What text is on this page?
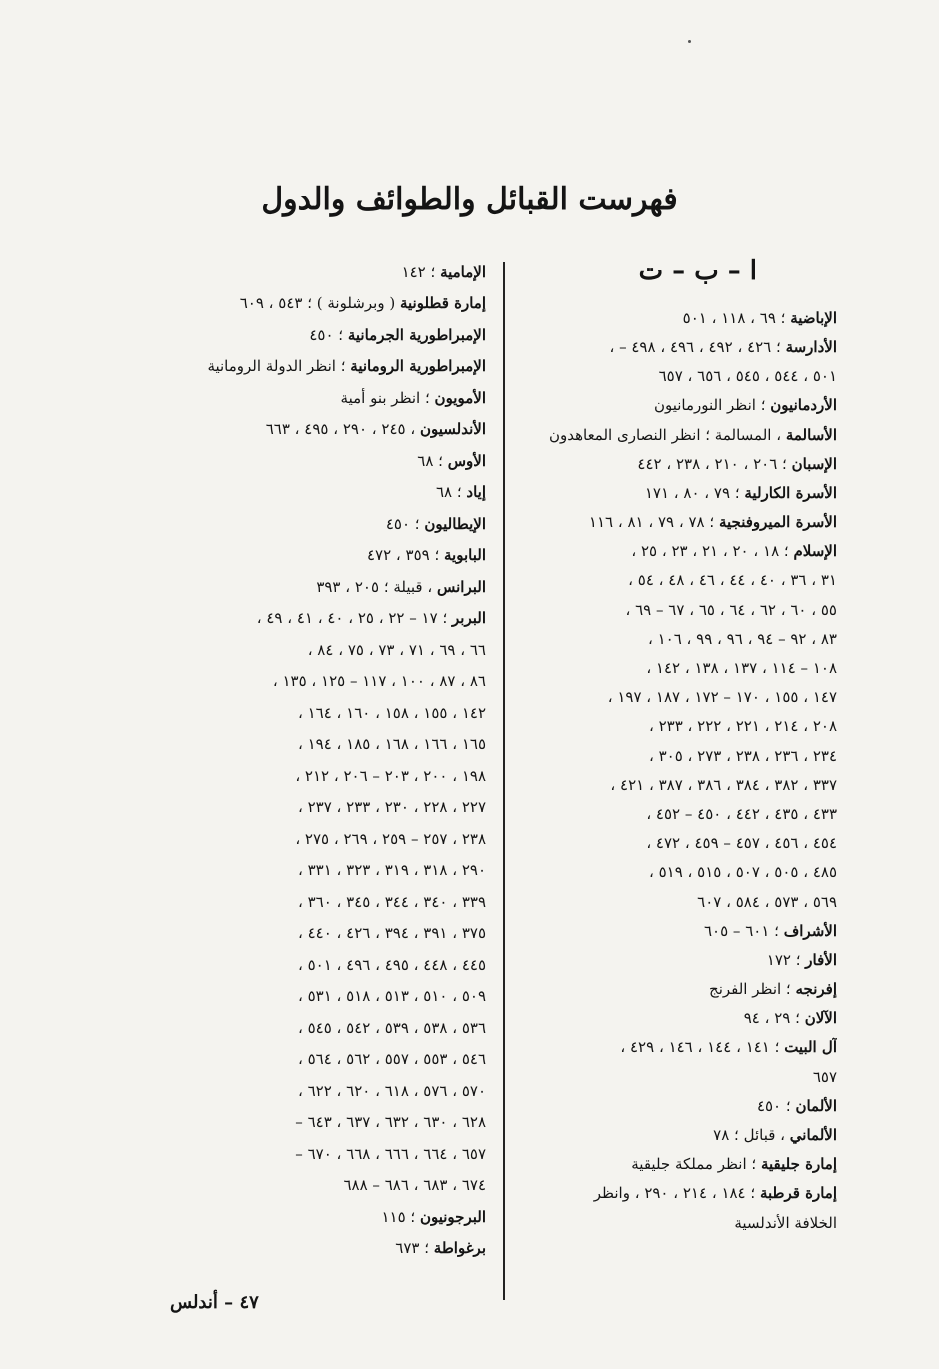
فهرست القبائل والطوائف والدول
ا – ب – ت
الإباضية

؛ ٦٩ ، ١١٨ ، ٥٠١
الأدارسة

؛ ٤٢٦ ، ٤٩٢ ، ٤٩٦ ، ٤٩٨ – ،
٥٠١ ، ٥٤٤ ، ٥٤٥ ، ٦٥٦ ، ٦٥٧
الأردمانيون

؛ انظر النورمانيون
الأسالمة

، المسالمة ؛ انظر النصارى المعاهدون
الإسبان

؛ ٢٠٦ ، ٢١٠ ، ٢٣٨ ، ٤٤٢
الأسرة الكارلية

؛ ٧٩ ، ٨٠ ، ١٧١
الأسرة الميروفنجية

؛ ٧٨ ، ٧٩ ، ٨١ ، ١١٦
الإسلام

؛ ١٨ ، ٢٠ ، ٢١ ، ٢٣ ، ٢٥ ،
٣١ ، ٣٦ ، ٤٠ ، ٤٤ ، ٤٦ ، ٤٨ ، ٥٤ ،
٥٥ ، ٦٠ ، ٦٢ ، ٦٤ ، ٦٥ ، ٦٧ – ٦٩ ،
٨٣ ، ٩٢ – ٩٤ ، ٩٦ ، ٩٩ ، ١٠٦ ،
١٠٨ – ١١٤ ، ١٣٧ ، ١٣٨ ، ١٤٢ ،
١٤٧ ، ١٥٥ ، ١٧٠ – ١٧٢ ، ١٨٧ ، ١٩٧ ،
٢٠٨ ، ٢١٤ ، ٢٢١ ، ٢٢٢ ، ٢٣٣ ،
٢٣٤ ، ٢٣٦ ، ٢٣٨ ، ٢٧٣ ، ٣٠٥ ،
٣٣٧ ، ٣٨٢ ، ٣٨٤ ، ٣٨٦ ، ٣٨٧ ، ٤٢١ ،
٤٣٣ ، ٤٣٥ ، ٤٤٢ ، ٤٥٠ – ٤٥٢ ،
٤٥٤ ، ٤٥٦ ، ٤٥٧ – ٤٥٩ ، ٤٧٢ ،
٤٨٥ ، ٥٠٥ ، ٥٠٧ ، ٥١٥ ، ٥١٩ ،
٥٦٩ ، ٥٧٣ ، ٥٨٤ ، ٦٠٧
الأشراف

؛ ٦٠١ – ٦٠٥
الأفار

؛ ١٧٢
إفرنجه

؛ انظر الفرنج
الآلان

؛ ٢٩ ، ٩٤
آل البيت

؛ ١٤١ ، ١٤٤ ، ١٤٦ ، ٤٢٩ ،
٦٥٧
الألمان

؛ ٤٥٠
الألماني

، قبائل ؛ ٧٨
إمارة جليقية

؛ انظر مملكة جليقية
إمارة قرطبة

؛ ١٨٤ ، ٢١٤ ، ٢٩٠ ، وانظر
الخلافة الأندلسية
الإمامية

؛ ١٤٢
إمارة قطلونية

( وبرشلونة ) ؛ ٥٤٣ ، ٦٠٩
الإمبراطورية الجرمانية

؛ ٤٥٠
الإمبراطورية الرومانية

؛ انظر الدولة الرومانية
الأمويون

؛ انظر بنو أمية
الأندلسيون

، ٢٤٥ ، ٢٩٠ ، ٤٩٥ ، ٦٦٣
الأوس

؛ ٦٨
إياد

؛ ٦٨
الإيطاليون

؛ ٤٥٠
البابوية

؛ ٣٥٩ ، ٤٧٢
البرانس

، قبيلة ؛ ٢٠٥ ، ٣٩٣
البربر

؛ ١٧ – ٢٢ ، ٢٥ ، ٤٠ ، ٤١ ، ٤٩ ،
٦٦ ، ٦٩ ، ٧١ ، ٧٣ ، ٧٥ ، ٨٤ ،
٨٦ ، ٨٧ ، ١٠٠ ، ١١٧ – ١٢٥ ، ١٣٥ ،
١٤٢ ، ١٥٥ ، ١٥٨ ، ١٦٠ ، ١٦٤ ،
١٦٥ ، ١٦٦ ، ١٦٨ ، ١٨٥ ، ١٩٤ ،
١٩٨ ، ٢٠٠ ، ٢٠٣ – ٢٠٦ ، ٢١٢ ،
٢٢٧ ، ٢٢٨ ، ٢٣٠ ، ٢٣٣ ، ٢٣٧ ،
٢٣٨ ، ٢٥٧ – ٢٥٩ ، ٢٦٩ ، ٢٧٥ ،
٢٩٠ ، ٣١٨ ، ٣١٩ ، ٣٢٣ ، ٣٣١ ،
٣٣٩ ، ٣٤٠ ، ٣٤٤ ، ٣٤٥ ، ٣٦٠ ،
٣٧٥ ، ٣٩١ ، ٣٩٤ ، ٤٢٦ ، ٤٤٠ ،
٤٤٥ ، ٤٤٨ ، ٤٩٥ ، ٤٩٦ ، ٥٠١ ،
٥٠٩ ، ٥١٠ ، ٥١٣ ، ٥١٨ ، ٥٣١ ،
٥٣٦ ، ٥٣٨ ، ٥٣٩ ، ٥٤٢ ، ٥٤٥ ،
٥٤٦ ، ٥٥٣ ، ٥٥٧ ، ٥٦٢ ، ٥٦٤ ،
٥٧٠ ، ٥٧٦ ، ٦١٨ ، ٦٢٠ ، ٦٢٢ ،
٦٢٨ ، ٦٣٠ ، ٦٣٢ ، ٦٣٧ ، ٦٤٣ –
٦٥٧ ، ٦٦٤ ، ٦٦٦ ، ٦٦٨ ، ٦٧٠ –
٦٧٤ ، ٦٨٣ ، ٦٨٦ – ٦٨٨
البرجونيون

؛ ١١٥
برغواطة

؛ ٦٧٣
٤٧ – أندلس
